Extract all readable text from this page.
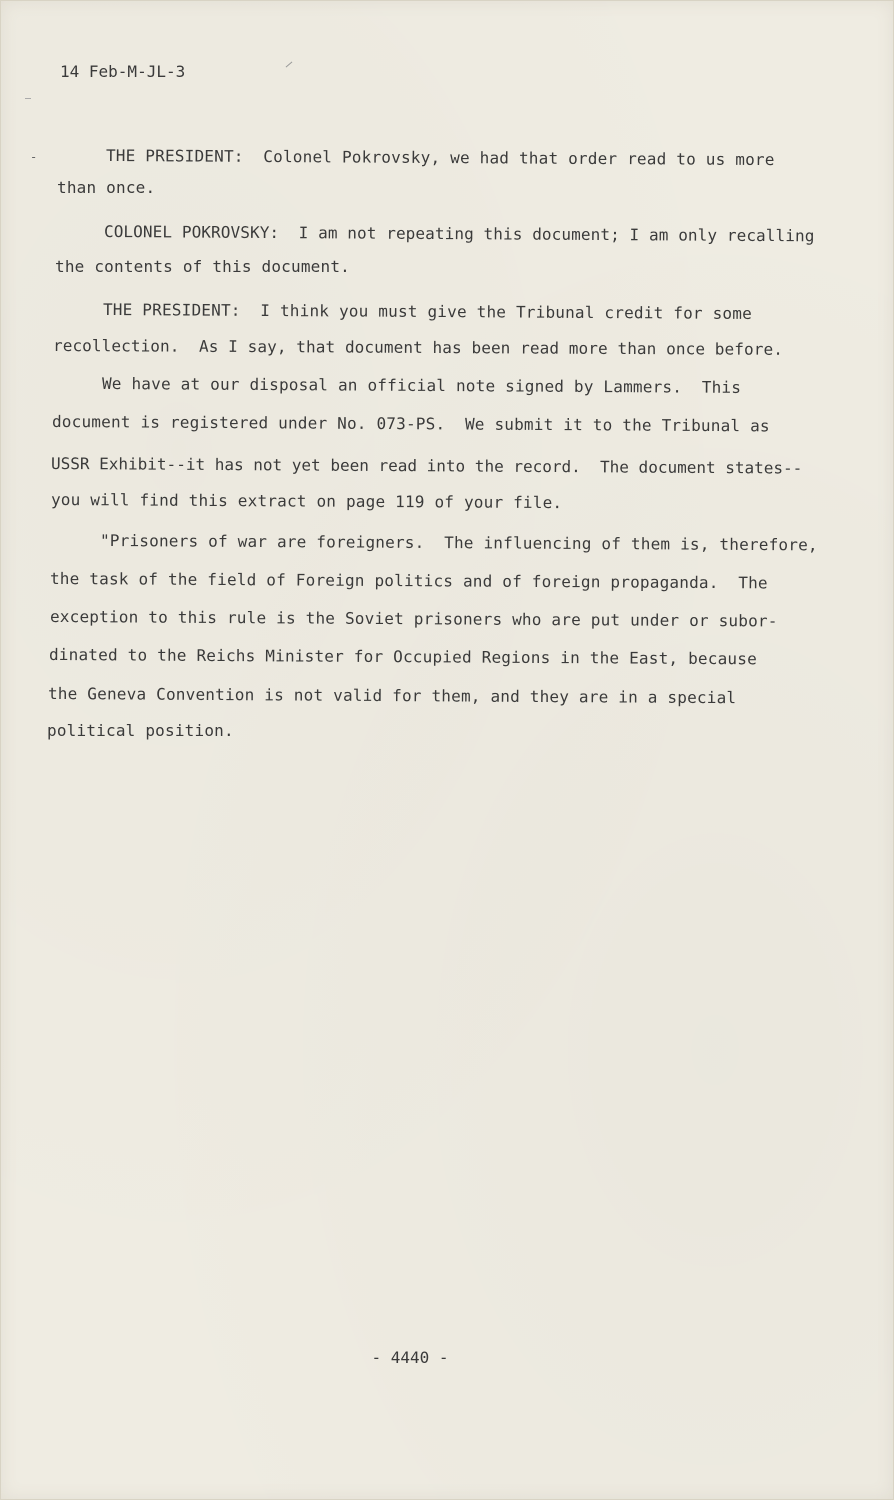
-
14 Feb-M-JL-3
THE PRESIDENT:  Colonel Pokrovsky, we had that order read to us more
than once.
COLONEL POKROVSKY:  I am not repeating this document; I am only recalling
the contents of this document.
THE PRESIDENT:  I think you must give the Tribunal credit for some
recollection.  As I say, that document has been read more than once before.
We have at our disposal an official note signed by Lammers.  This
document is registered under No. 073-PS.  We submit it to the Tribunal as
USSR Exhibit--it has not yet been read into the record.  The document states--
you will find this extract on page 119 of your file.
"Prisoners of war are foreigners.  The influencing of them is, therefore,
the task of the field of Foreign politics and of foreign propaganda.  The
exception to this rule is the Soviet prisoners who are put under or subor-
dinated to the Reichs Minister for Occupied Regions in the East, because
the Geneva Convention is not valid for them, and they are in a special
political position.
- 4440 -
